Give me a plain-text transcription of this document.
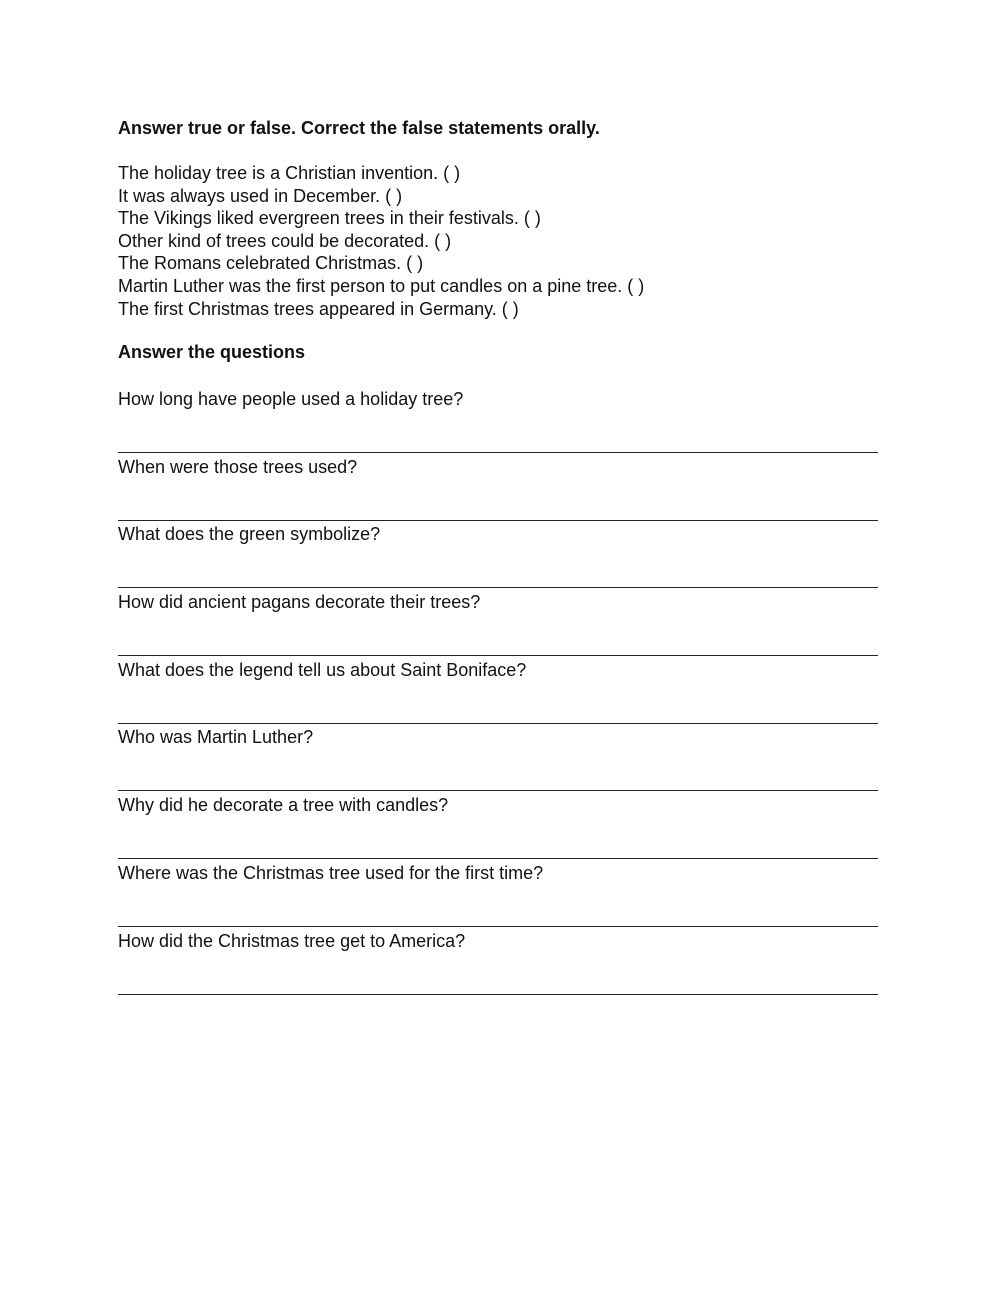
Answer true or false. Correct the false statements orally.
The holiday tree is a Christian invention. ( )
It was always used in December. ( )
The Vikings liked evergreen trees in their festivals. ( )
Other kind of trees could be decorated. ( )
The Romans celebrated Christmas. ( )
Martin Luther was the first person to put candles on a pine tree. ( )
The first Christmas trees appeared in Germany. ( )
Answer the questions
How long have people used a holiday tree?
When were those trees used?
What does the green symbolize?
How did ancient pagans decorate their trees?
What does the legend tell us about Saint Boniface?
Who was Martin Luther?
Why did he decorate a tree with candles?
Where was the Christmas tree used for the first time?
How did the Christmas tree get to America?
